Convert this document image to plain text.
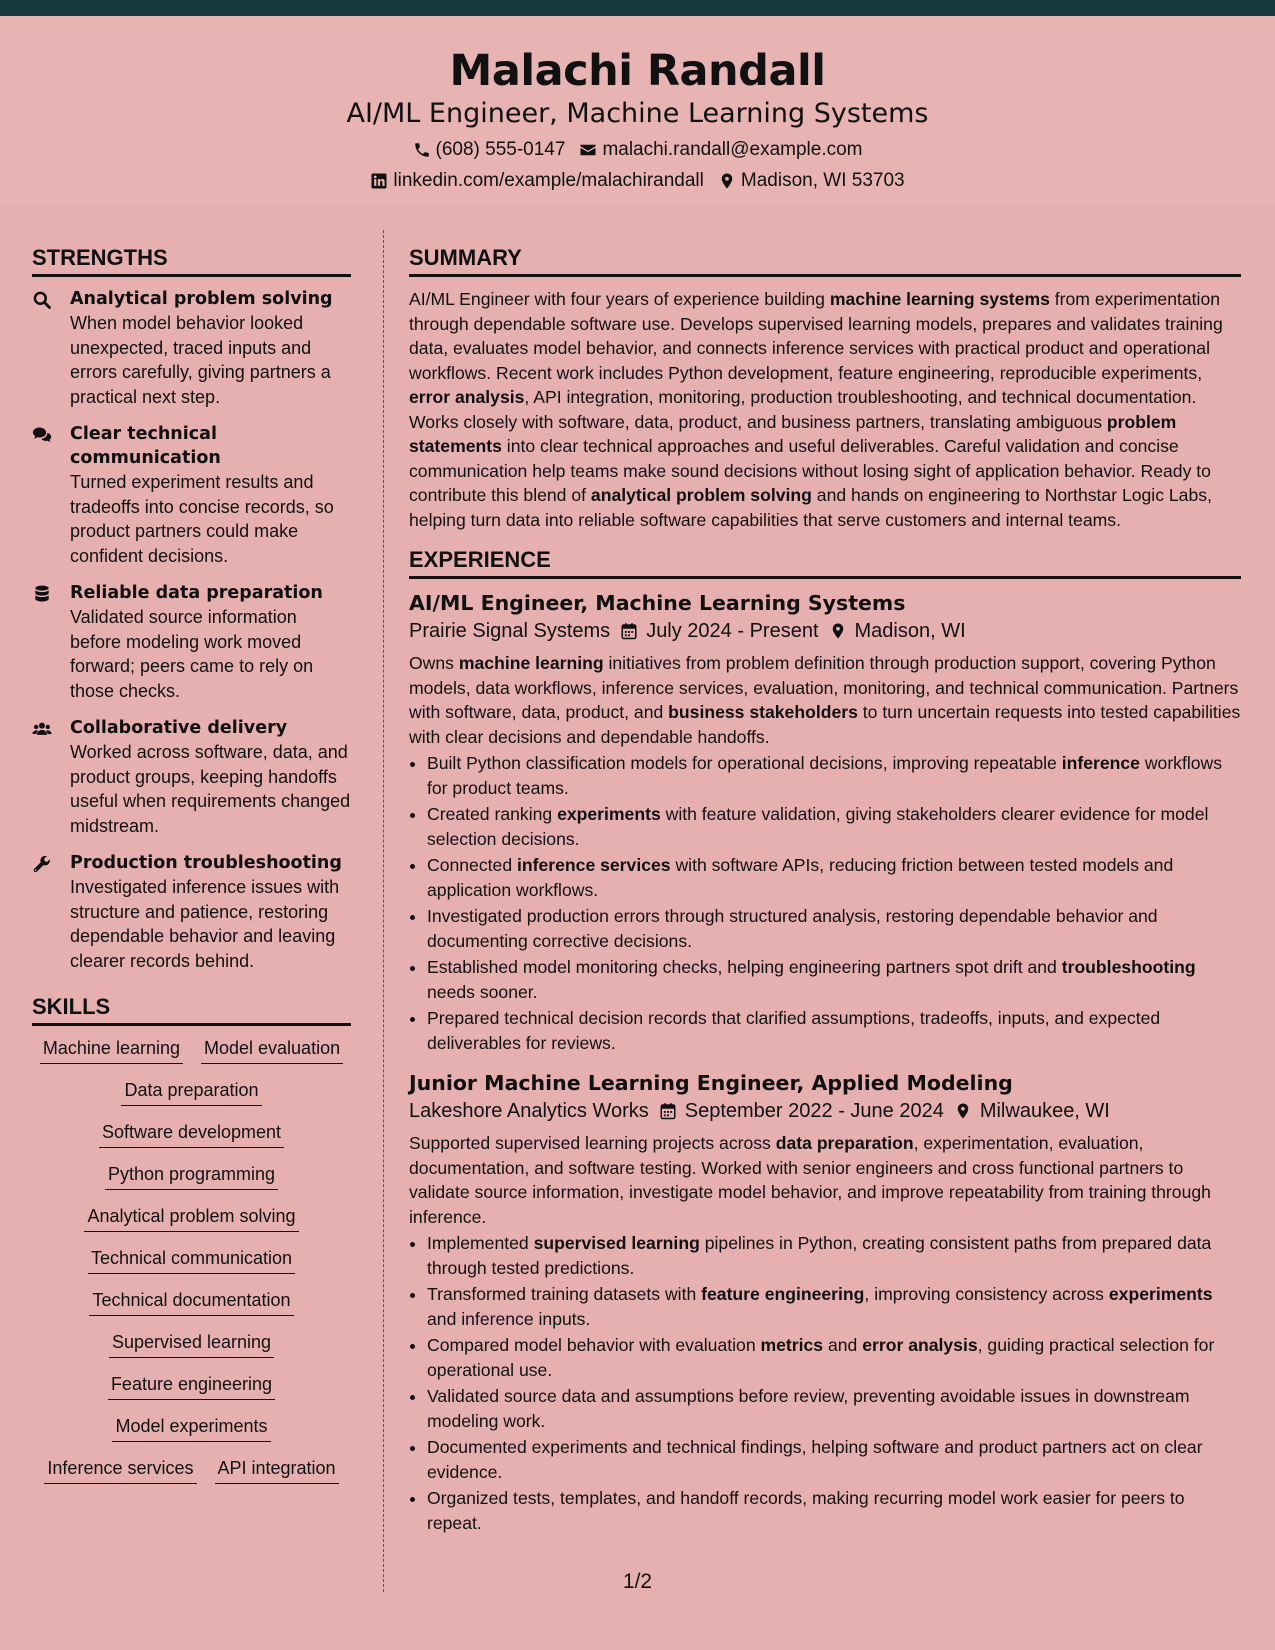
Malachi Randall
AI/ML Engineer, Machine Learning Systems
(608) 555-0147 malachi.randall@example.com
linkedin.com/example/malachirandall Madison, WI 53703
STRENGTHS
Analytical problem solving
When model behavior looked unexpected, traced inputs and errors carefully, giving partners a practical next step.
Clear technical communication
Turned experiment results and tradeoffs into concise records, so product partners could make confident decisions.
Reliable data preparation
Validated source information before modeling work moved forward; peers came to rely on those checks.
Collaborative delivery
Worked across software, data, and product groups, keeping handoffs useful when requirements changed midstream.
Production troubleshooting
Investigated inference issues with structure and patience, restoring dependable behavior and leaving clearer records behind.
SKILLS
Machine learning Model evaluation
Data preparation
Software development
Python programming
Analytical problem solving
Technical communication
Technical documentation
Supervised learning
Feature engineering
Model experiments
Inference services API integration
SUMMARY

AI/ML Engineer with four years of experience building machine learning systems from experimentation through dependable software use. Develops supervised learning models, prepares and validates training data, evaluates model behavior, and connects inference services with practical product and operational workflows. Recent work includes Python development, feature engineering, reproducible experiments, error analysis, API integration, monitoring, production troubleshooting, and technical documentation. Works closely with software, data, product, and business partners, translating ambiguous problem statements into clear technical approaches and useful deliverables. Careful validation and concise communication help teams make sound decisions without losing sight of application behavior. Ready to contribute this blend of analytical problem solving and hands on engineering to Northstar Logic Labs, helping turn data into reliable software capabilities that serve customers and internal teams.

EXPERIENCE
AI/ML Engineer, Machine Learning Systems
Prairie Signal Systems July 2024 - Present Madison, WI

Owns machine learning initiatives from problem definition through production support, covering Python models, data workflows, inference services, evaluation, monitoring, and technical communication. Partners with software, data, product, and business stakeholders to turn uncertain requests into tested capabilities with clear decisions and dependable handoffs.

• Built Python classification models for operational decisions, improving repeatable inference workflows for product teams.
• Created ranking experiments with feature validation, giving stakeholders clearer evidence for model selection decisions.
• Connected inference services with software APIs, reducing friction between tested models and application workflows.
• Investigated production errors through structured analysis, restoring dependable behavior and documenting corrective decisions.
• Established model monitoring checks, helping engineering partners spot drift and troubleshooting needs sooner.
• Prepared technical decision records that clarified assumptions, tradeoffs, inputs, and expected deliverables for reviews.
Junior Machine Learning Engineer, Applied Modeling
Lakeshore Analytics Works September 2022 - June 2024 Milwaukee, WI

Supported supervised learning projects across data preparation, experimentation, evaluation, documentation, and software testing. Worked with senior engineers and cross functional partners to validate source information, investigate model behavior, and improve repeatability from training through inference.

• Implemented supervised learning pipelines in Python, creating consistent paths from prepared data through tested predictions.
• Transformed training datasets with feature engineering, improving consistency across experiments and inference inputs.
• Compared model behavior with evaluation metrics and error analysis, guiding practical selection for operational use.
• Validated source data and assumptions before review, preventing avoidable issues in downstream modeling work.
• Documented experiments and technical findings, helping software and product partners act on clear evidence.
• Organized tests, templates, and handoff records, making recurring model work easier for peers to repeat.
1/2
